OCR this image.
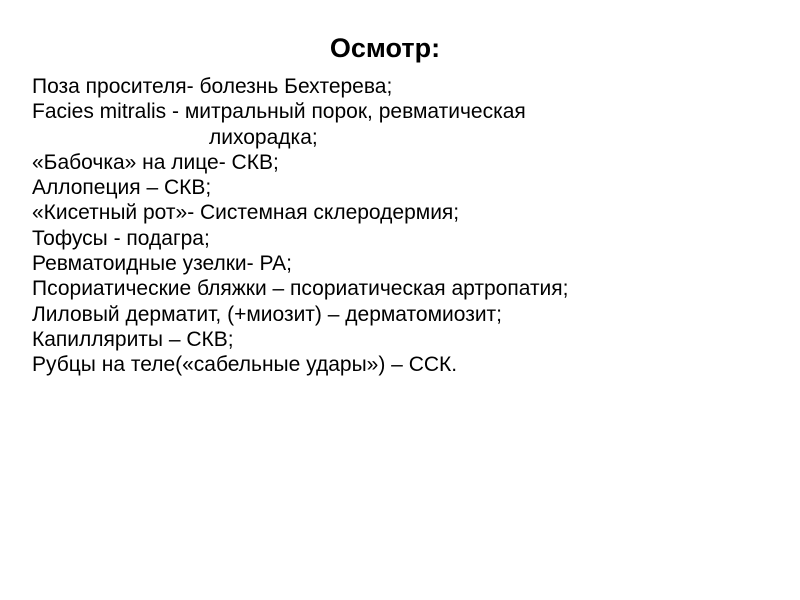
Осмотр:
Поза просителя- болезнь Бехтерева;
Facies mitralis - митральный порок, ревматическая
лихорадка;
«Бабочка» на лице- СКВ;
Аллопеция – СКВ;
«Кисетный рот»- Системная склеродермия;
Тофусы - подагра;
Ревматоидные узелки- РА;
Псориатические бляжки – псориатическая артропатия;
Лиловый дерматит, (+миозит) – дерматомиозит;
Капилляриты – СКВ;
Рубцы на теле(«сабельные удары») – ССК.
